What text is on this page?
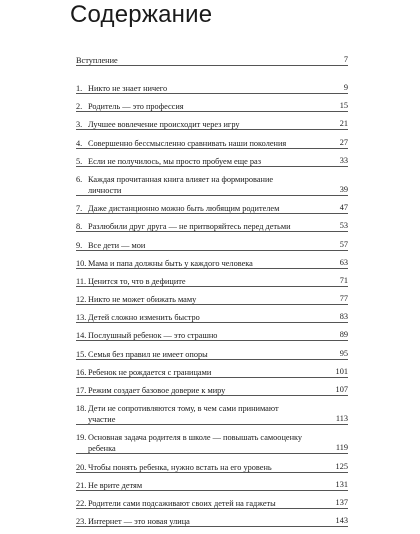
Содержание
Вступление	7
1. Никто не знает ничего	9
2. Родитель — это профессия	15
3. Лучшее вовлечение происходит через игру	21
4. Совершенно бессмысленно сравнивать наши поколения	27
5. Если не получилось, мы просто пробуем еще раз	33
6. Каждая прочитанная книга влияет на формирование
личности	39
7. Даже дистанционно можно быть любящим родителем	47
8. Разлюбили друг друга — не притворяйтесь перед детьми	53
9. Все дети — мои	57
10. Мама и папа должны быть у каждого человека	63
11. Ценится то, что в дефиците	71
12. Никто не может обижать маму	77
13. Детей сложно изменить быстро	83
14. Послушный ребенок — это страшно	89
15. Семья без правил не имеет опоры	95
16. Ребенок не рождается с границами	101
17. Режим создает базовое доверие к миру	107
18. Дети не сопротивляются тому, в чем сами принимают
участие	113
19. Основная задача родителя в школе — повышать самооценку
ребенка	119
20. Чтобы понять ребенка, нужно встать на его уровень	125
21. Не врите детям	131
22. Родители сами подсаживают своих детей на гаджеты	137
23. Интернет — это новая улица	143
